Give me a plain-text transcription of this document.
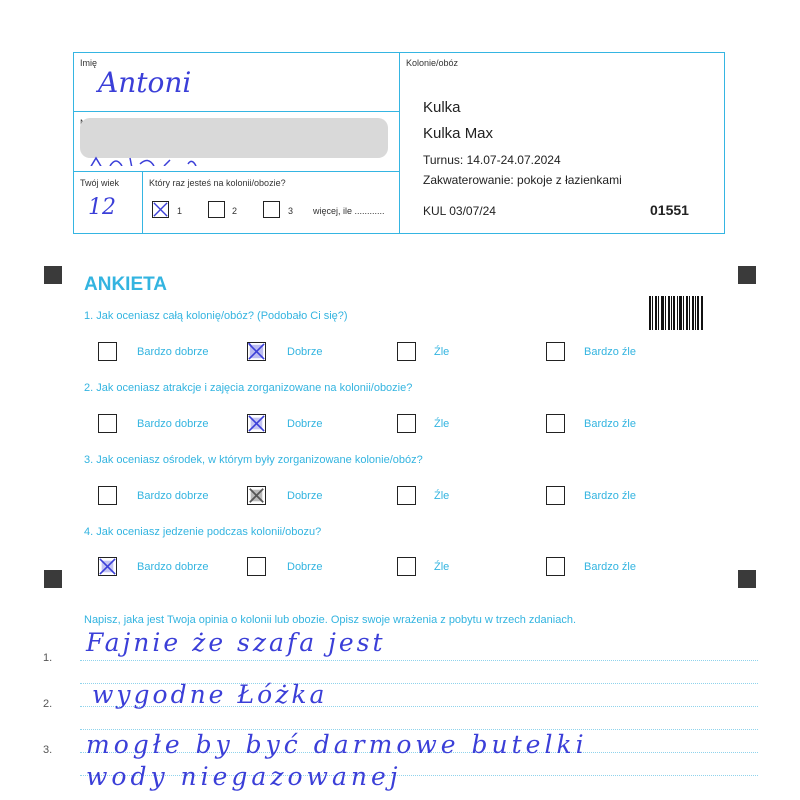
Imię
Antoni
Twój wiek
12
Który raz jesteś na kolonii/obozie?
1	2	3 więcej, ile ............
Kolonie/obóz
Kulka
Kulka Max
Turnus: 14.07-24.07.2024
Zakwaterowanie: pokoje z łazienkami
KUL 03/07/24	01551
ANKIETA
1. Jak oceniasz całą kolonię/obóz? (Podobało Ci się?)
Bardzo dobrze	Dobrze	Źle	Bardzo źle
2. Jak oceniasz atrakcje i zajęcia zorganizowane na kolonii/obozie?
Bardzo dobrze	Dobrze	Źle	Bardzo źle
3. Jak oceniasz ośrodek, w którym były zorganizowane kolonie/obóz?
Bardzo dobrze	Dobrze	Źle	Bardzo źle
4. Jak oceniasz jedzenie podczas kolonii/obozu?
Bardzo dobrze	Dobrze	Źle	Bardzo źle
Napisz, jaka jest Twoja opinia o kolonii lub obozie. Opisz swoje wrażenia z pobytu w trzech zdaniach.
1.
2.
3.
Fajnie że szafa jest
wygodne Łóżka
mogłe by być darmowe butelki
wody niegazowanej
